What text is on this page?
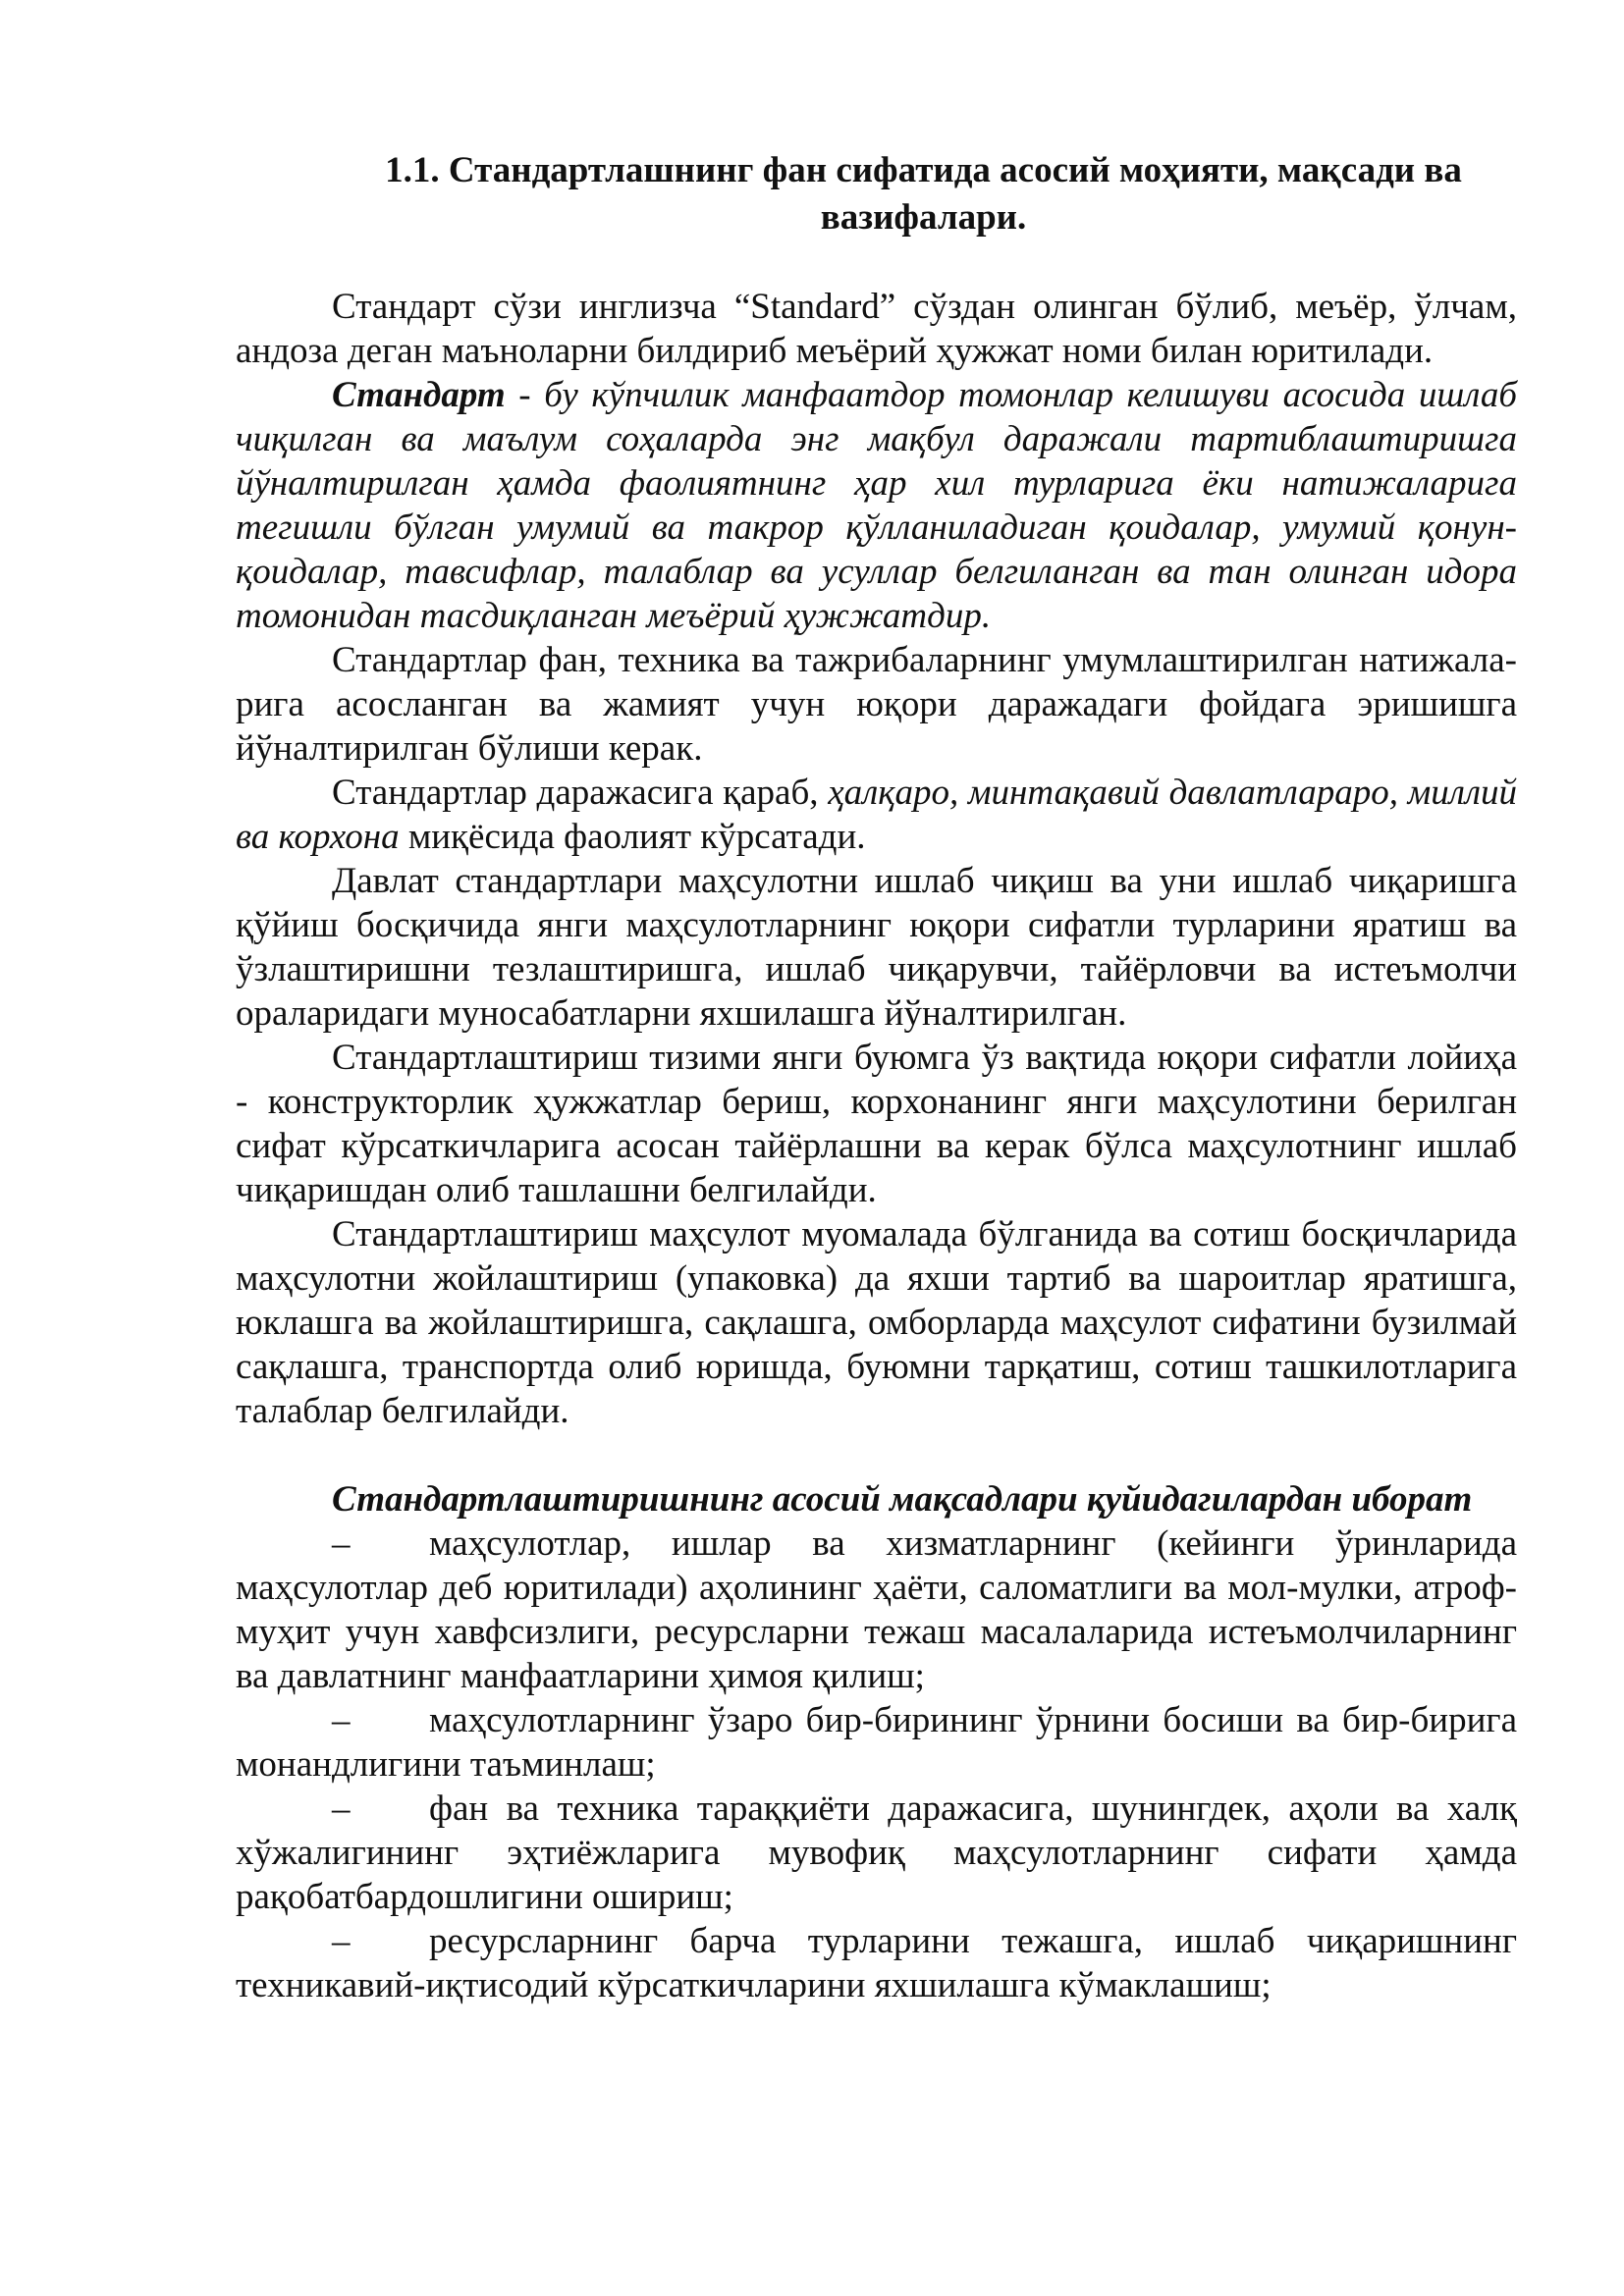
1.1. Стандартлашнинг фан сифатида асосий моҳияти, мақсади ва вазифалари.

Стандарт сўзи инглизча “Standard” сўздан олинган бўлиб, меъёр, ўлчам, андоза деган маъноларни билдириб меъёрий ҳужжат номи билан юритилади.

Стандарт - бу кўпчилик манфаатдор томонлар келишуви асосида ишлаб чиқилган ва маълум соҳаларда энг мақбул даражали тартиблаштиришга йўналтирилган ҳамда фаолиятнинг ҳар хил турларига ёки натижаларига тегишли бўлган умумий ва такрор қўлланиладиган қоидалар, умумий қонун-қоидалар, тавсифлар, талаблар ва усуллар белгиланган ва тан олинган идора томонидан тасдиқланган меъёрий ҳужжатдир.

Стандартлар фан, техника ва тажрибаларнинг умумлаштирилган натижала-рига асосланган ва жамият учун юқори даражадаги фойдага эришишга йўналтирилган бўлиши керак.

Стандартлар даражасига қараб, ҳалқаро, минтақавий давлатлараро, миллий ва корхона миқёсида фаолият кўрсатади.

Давлат стандартлари маҳсулотни ишлаб чиқиш ва уни ишлаб чиқаришга қўйиш босқичида янги маҳсулотларнинг юқори сифатли турларини яратиш ва ўзлаштиришни тезлаштиришга, ишлаб чиқарувчи, тайёрловчи ва истеъмолчи ораларидаги муносабатларни яхшилашга йўналтирилган.

Стандартлаштириш тизими янги буюмга ўз вақтида юқори сифатли лойиҳа - конструкторлик ҳужжатлар бериш, корхонанинг янги маҳсулотини берилган сифат кўрсаткичларига асосан тайёрлашни ва керак бўлса маҳсулотнинг ишлаб чиқаришдан олиб ташлашни белгилайди.

Стандартлаштириш маҳсулот муомалада бўлганида ва сотиш босқичларида маҳсулотни жойлаштириш (упаковка) да яхши тартиб ва шароитлар яратишга, юклашга ва жойлаштиришга, сақлашга, омборларда маҳсулот сифатини бузилмай сақлашга, транспортда олиб юришда, буюмни тарқатиш, сотиш ташкилотларига талаблар белгилайди.

Стандартлаштиришнинг асосий мақсадлари қуйидагилардан иборат

– маҳсулотлар, ишлар ва хизматларнинг (кейинги ўринларида маҳсулотлар деб юритилади) аҳолининг ҳаёти, саломатлиги ва мол-мулки, атроф-муҳит учун хавфсизлиги, ресурсларни тежаш масалаларида истеъмолчиларнинг ва давлатнинг манфаатларини ҳимоя қилиш;

– маҳсулотларнинг ўзаро бир-бирининг ўрнини босиши ва бир-бирига монандлигини таъминлаш;

– фан ва техника тараққиёти даражасига, шунингдек, аҳоли ва халқ хўжалигининг эҳтиёжларига мувофиқ маҳсулотларнинг сифати ҳамда рақобатбардошлигини ошириш;

– ресурсларнинг барча турларини тежашга, ишлаб чиқаришнинг техникавий-иқтисодий кўрсаткичларини яхшилашга кўмаклашиш;
